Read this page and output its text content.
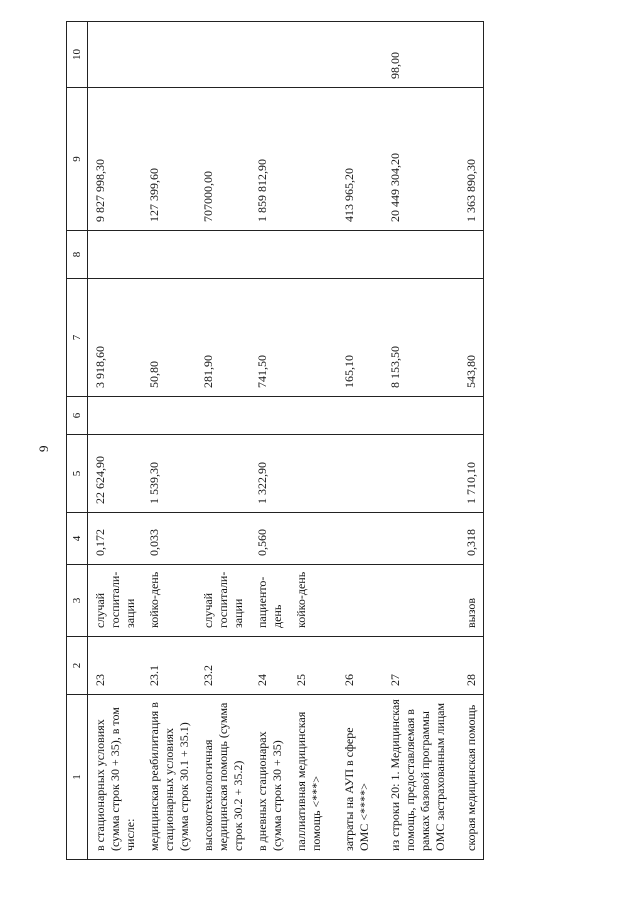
9
1	2	3	4	5	6	7	8	9	10
в стационарных условиях (сумма строк 30 + 35), в том числе:	23	случай госпитали-зации	0,172	22 624,90		3 918,60		9 827 998,30	
медицинская реабилитация в стационарных условиях (сумма строк 30.1 + 35.1)	23.1	койко-день	0,033	1 539,30		50,80		127 399,60	
высокотехнологичная медицинская помощь (сумма строк 30.2 + 35.2)	23.2	случай госпитали-зации				281,90		707000,00	
в дневных стационарах (сумма строк 30 + 35)	24	пациенто-день	0,560	1 322,90		741,50		1 859 812,90	
паллиативная медицинская помощь <***>	25	койко-день							
затраты на АУП в сфере ОМС <****>	26					165,10		413 965,20	
из строки 20: 1. Медицинская помощь, предоставляемая в рамках базовой программы ОМС застрахованным лицам	27					8 153,50		20 449 304,20	98,00
скорая медицинская помощь	28	вызов	0,318	1 710,10		543,80		1 363 890,30	
